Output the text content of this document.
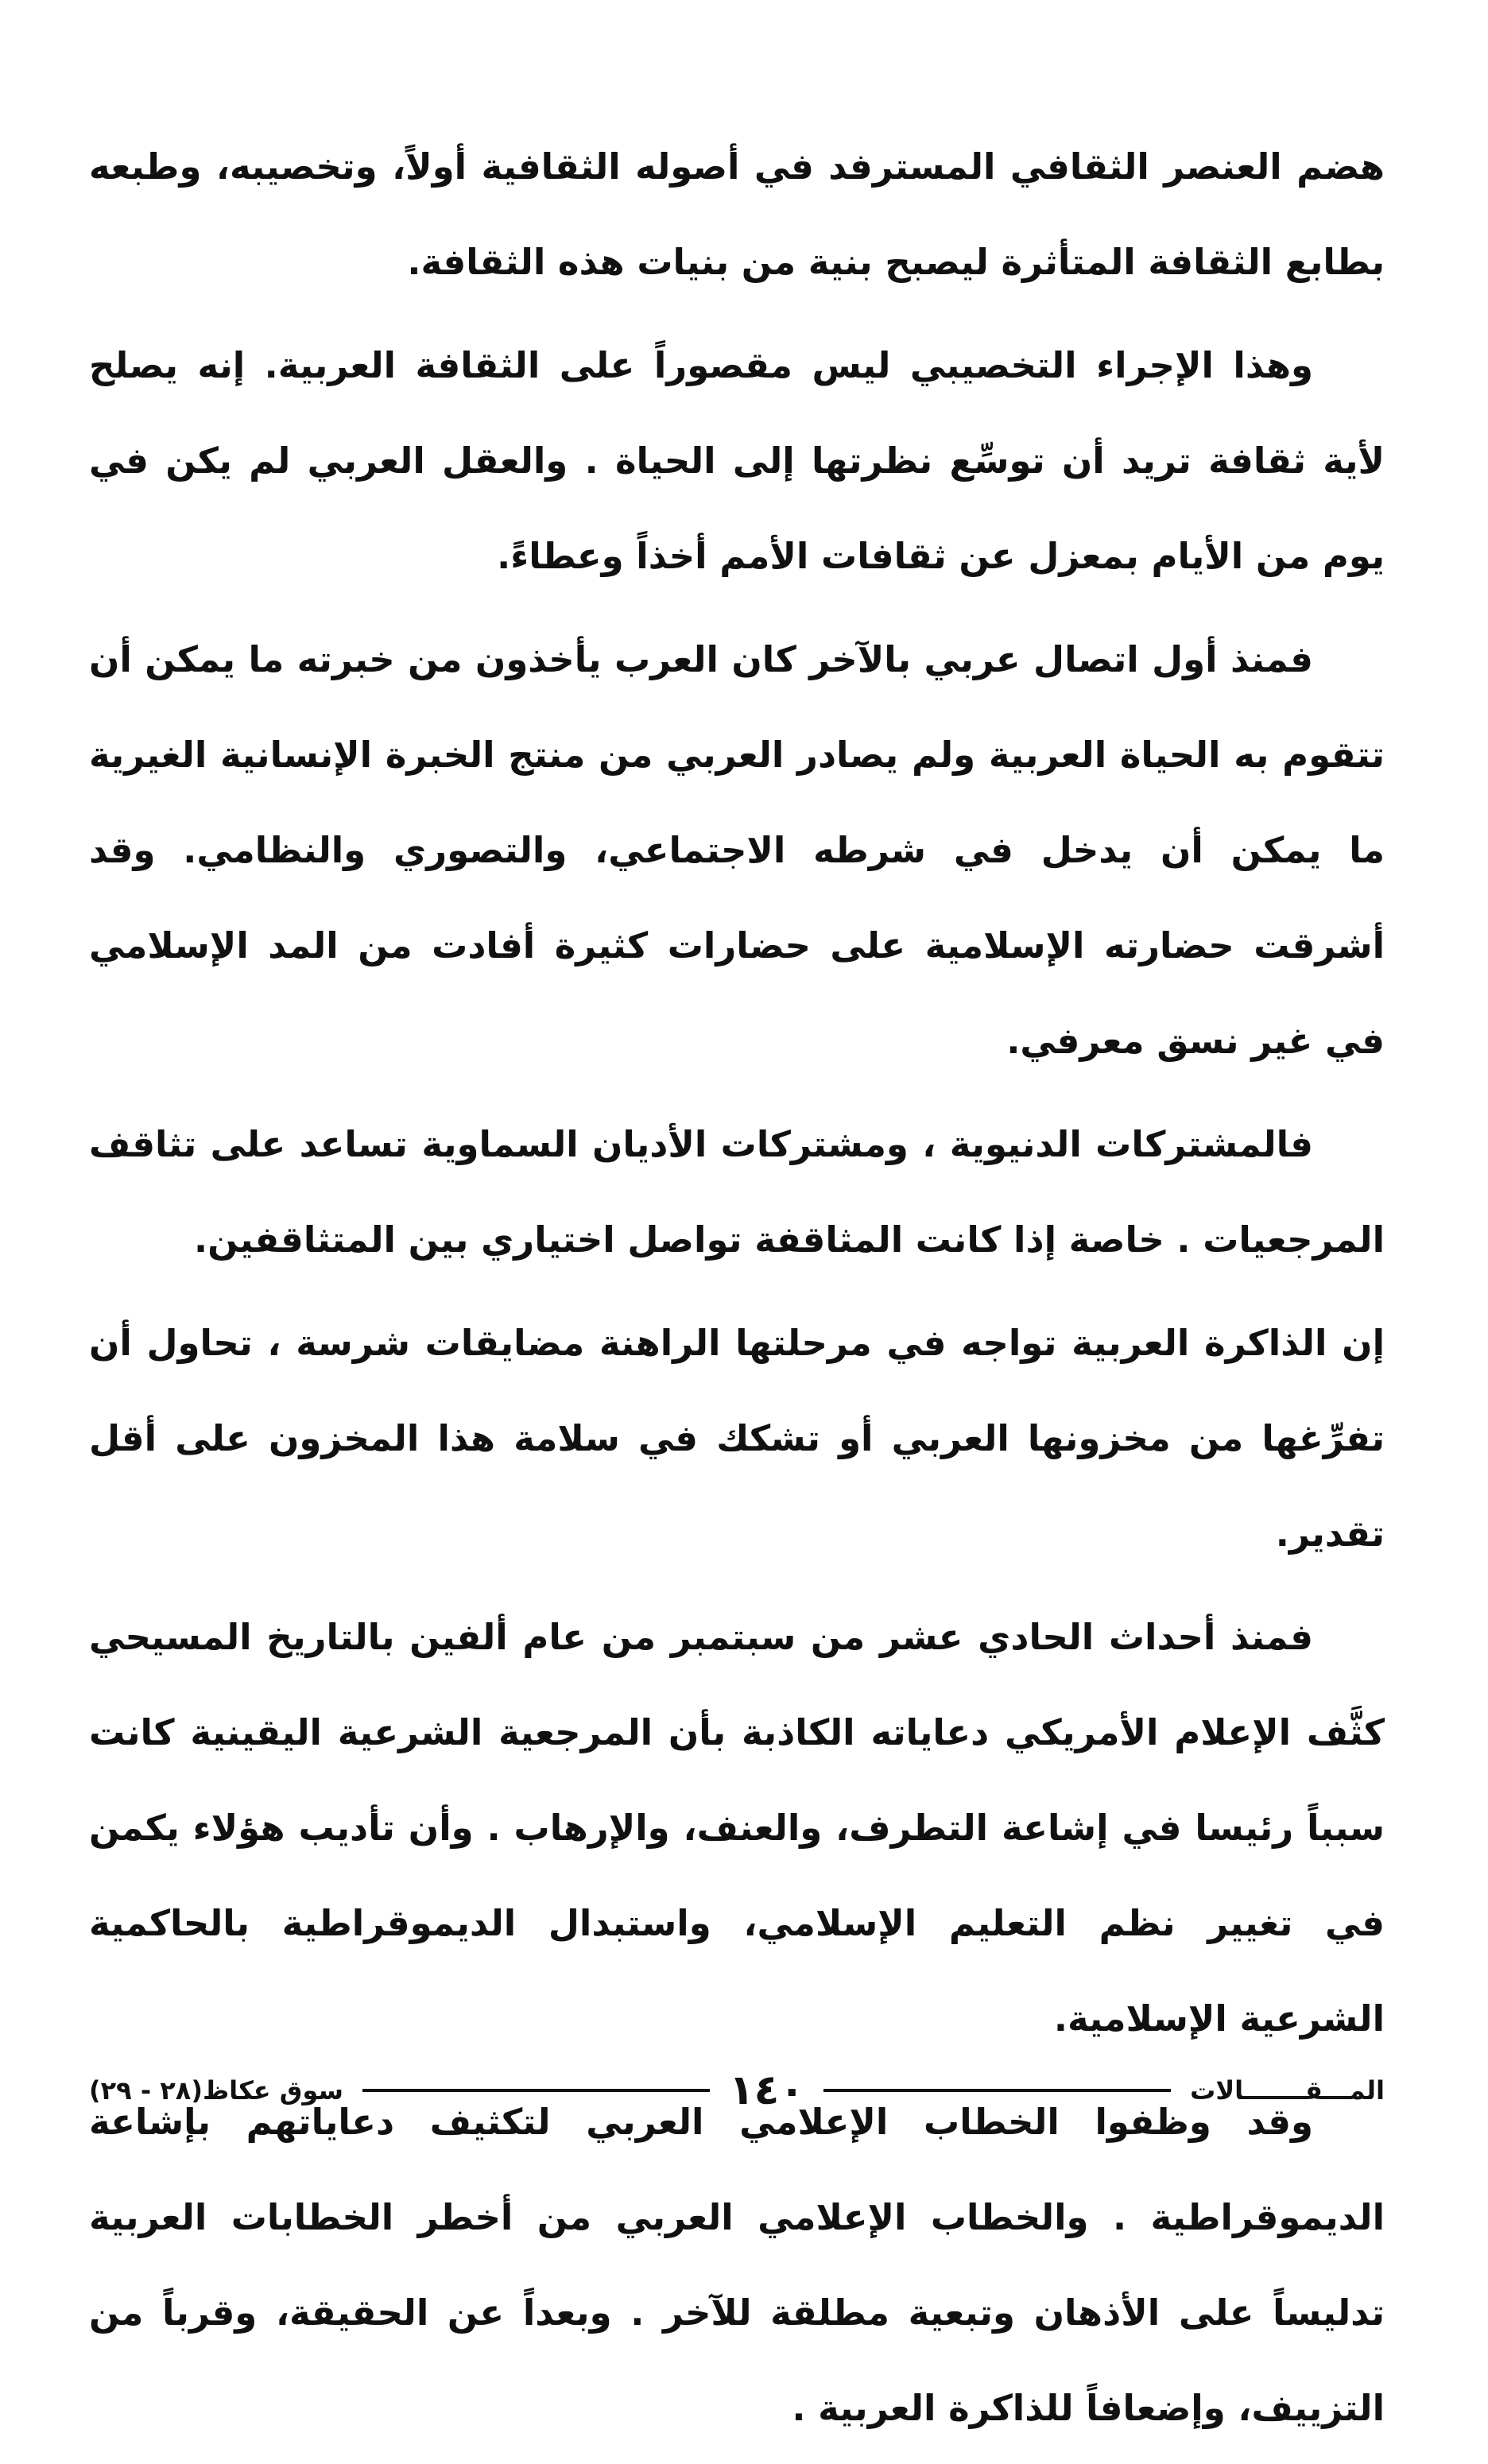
هضم العنصر الثقافي المسترفد في أصوله الثقافية أولاً، وتخصيبه، وطبعه بطابع الثقافة المتأثرة ليصبح بنية من بنيات هذه الثقافة.

وهذا الإجراء التخصيبي ليس مقصوراً على الثقافة العربية. إنه يصلح لأية ثقافة تريد أن توسِّع نظرتها إلى الحياة . والعقل العربي لم يكن في يوم من الأيام بمعزل عن ثقافات الأمم أخذاً وعطاءً.

فمنذ أول اتصال عربي بالآخر كان العرب يأخذون من خبرته ما يمكن أن تتقوم به الحياة العربية ولم يصادر العربي من منتج الخبرة الإنسانية الغيرية ما يمكن أن يدخل في شرطه الاجتماعي، والتصوري والنظامي. وقد أشرقت حضارته الإسلامية على حضارات كثيرة أفادت من المد الإسلامي في غير نسق معرفي.

فالمشتركات الدنيوية ، ومشتركات الأديان السماوية تساعد على تثاقف المرجعيات . خاصة إذا كانت المثاقفة تواصل اختياري بين المتثاقفين.

إن الذاكرة العربية تواجه في مرحلتها الراهنة مضايقات شرسة ، تحاول أن تفرِّغها من مخزونها العربي أو تشكك في سلامة هذا المخزون على أقل تقدير.

فمنذ أحداث الحادي عشر من سبتمبر من عام ألفين بالتاريخ المسيحي كثَّف الإعلام الأمريكي دعاياته الكاذبة بأن المرجعية الشرعية اليقينية كانت سبباً رئيسا في إشاعة التطرف، والعنف، والإرهاب . وأن تأديب هؤلاء يكمن في تغيير نظم التعليم الإسلامي، واستبدال الديموقراطية بالحاكمية الشرعية الإسلامية.

وقد وظفوا الخطاب الإعلامي العربي لتكثيف دعاياتهم بإشاعة الديموقراطية . والخطاب الإعلامي العربي من أخطر الخطابات العربية تدليساً على الأذهان وتبعية مطلقة للآخر . وبعداً عن الحقيقة، وقرباً من التزييف، وإضعافاً للذاكرة العربية .

المـــقـــــــالات
١٤٠
سوق عكاظ(٢٨ - ٢٩)
